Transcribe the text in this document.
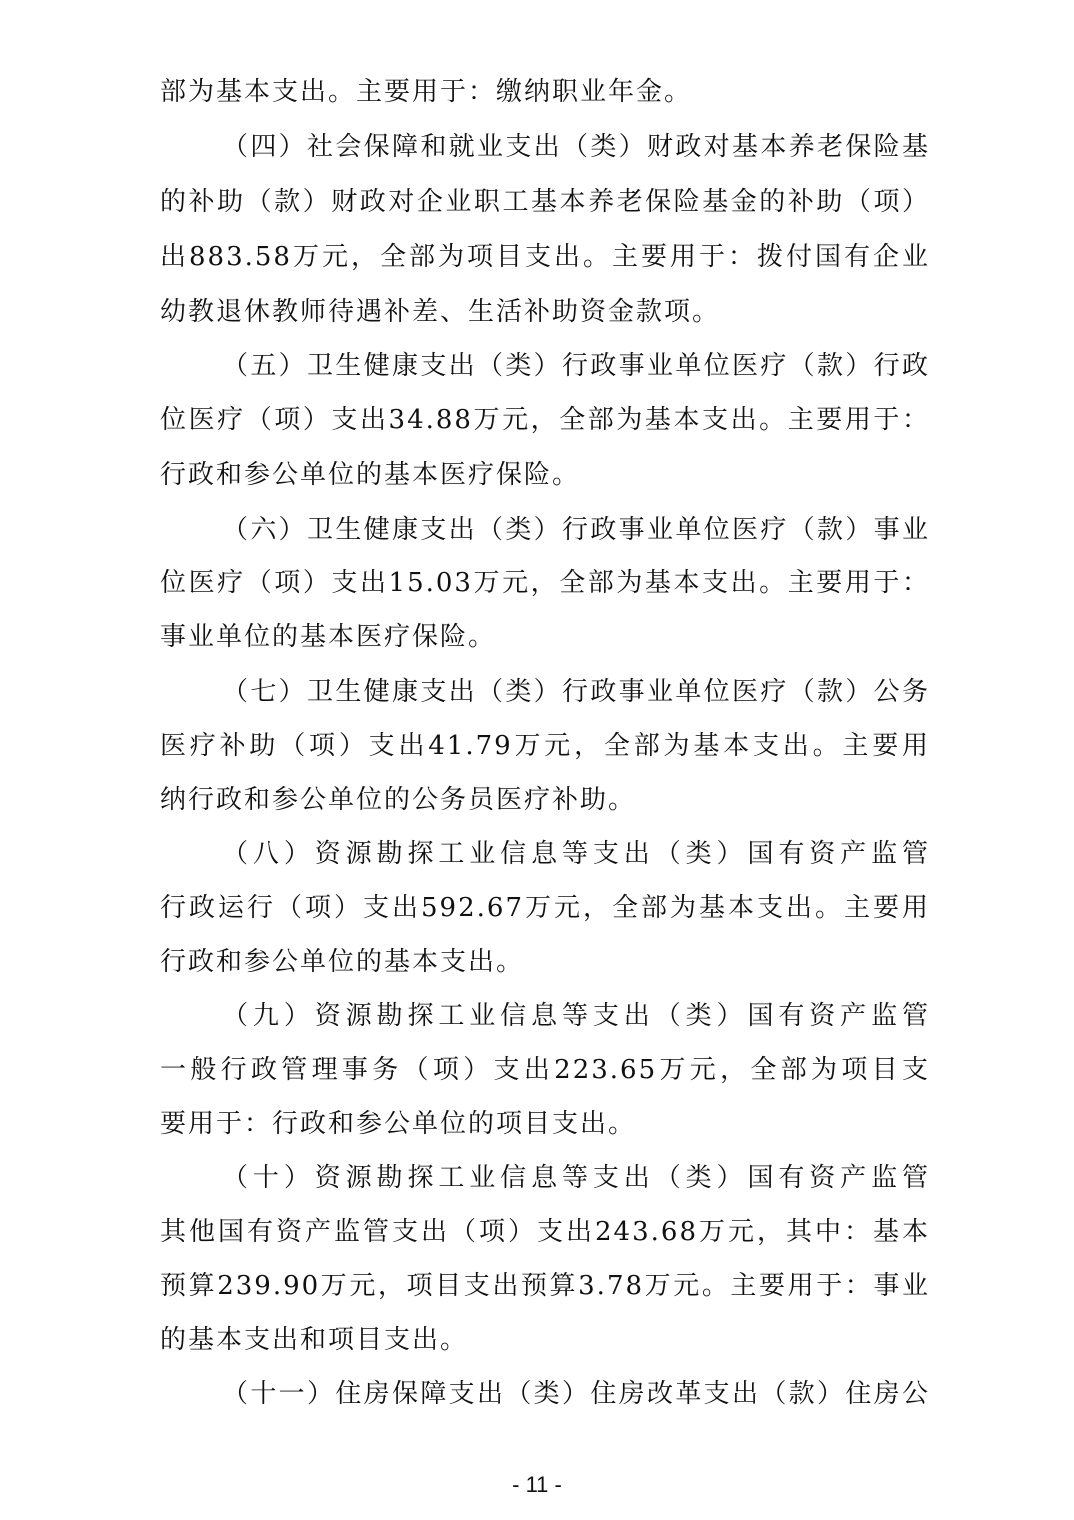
部为基本支出。主要用于：缴纳职业年金。
（四）社会保障和就业支出（类）财政对基本养老保险基
的补助（款）财政对企业职工基本养老保险基金的补助（项）
出883.58万元，全部为项目支出。主要用于：拨付国有企业
幼教退休教师待遇补差、生活补助资金款项。
（五）卫生健康支出（类）行政事业单位医疗（款）行政
位医疗（项）支出34.88万元，全部为基本支出。主要用于：
行政和参公单位的基本医疗保险。
（六）卫生健康支出（类）行政事业单位医疗（款）事业
位医疗（项）支出15.03万元，全部为基本支出。主要用于：
事业单位的基本医疗保险。
（七）卫生健康支出（类）行政事业单位医疗（款）公务
医疗补助（项）支出41.79万元，全部为基本支出。主要用
纳行政和参公单位的公务员医疗补助。
（八）资源勘探工业信息等支出（类）国有资产监管
行政运行（项）支出592.67万元，全部为基本支出。主要用
行政和参公单位的基本支出。
（九）资源勘探工业信息等支出（类）国有资产监管
一般行政管理事务（项）支出223.65万元，全部为项目支
要用于：行政和参公单位的项目支出。
（十）资源勘探工业信息等支出（类）国有资产监管
其他国有资产监管支出（项）支出243.68万元，其中：基本
预算239.90万元，项目支出预算3.78万元。主要用于：事业
的基本支出和项目支出。
（十一）住房保障支出（类）住房改革支出（款）住房公
- 11 -
